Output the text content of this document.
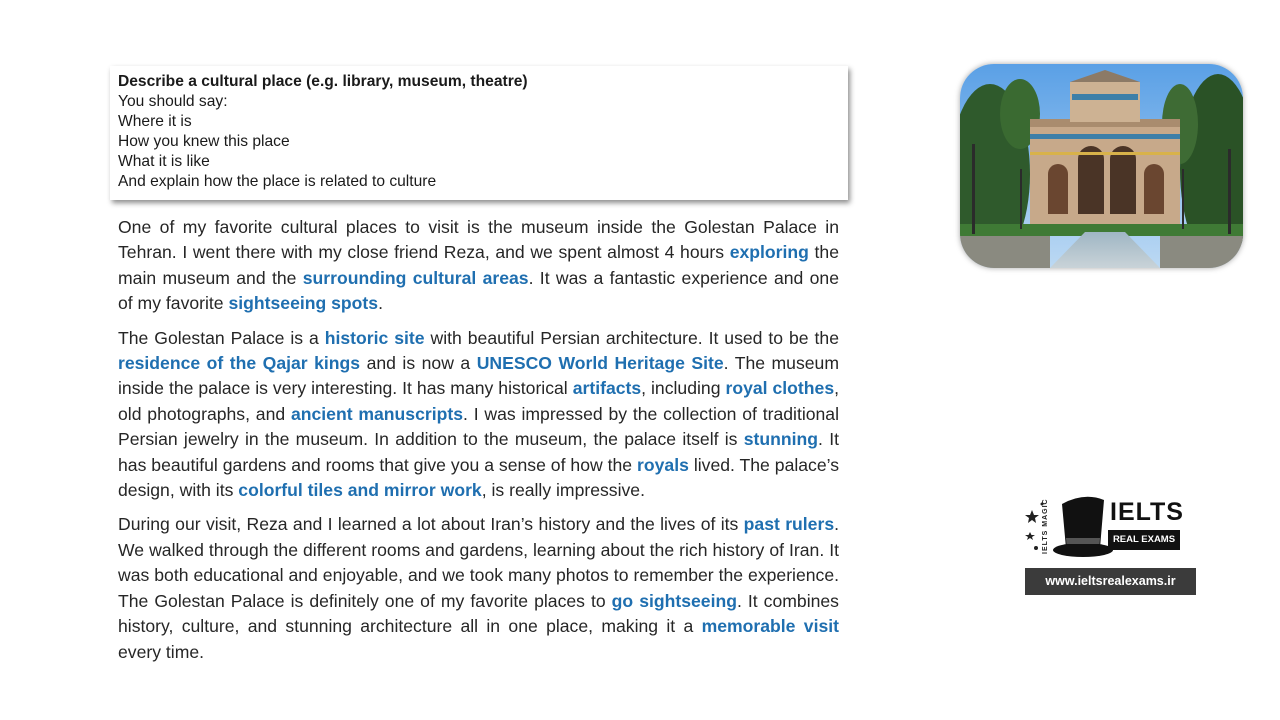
Describe a cultural place (e.g. library, museum, theatre)
You should say:
Where it is
How you knew this place
What it is like
And explain how the place is related to culture

One of my favorite cultural places to visit is the museum inside the Golestan Palace in Tehran. I went there with my close friend Reza, and we spent almost 4 hours exploring the main museum and the surrounding cultural areas. It was a fantastic experience and one of my favorite sightseeing spots.

The Golestan Palace is a historic site with beautiful Persian architecture. It used to be the residence of the Qajar kings and is now a UNESCO World Heritage Site. The museum inside the palace is very interesting. It has many historical artifacts, including royal clothes, old photographs, and ancient manuscripts. I was impressed by the collection of traditional Persian jewelry in the museum. In addition to the museum, the palace itself is stunning. It has beautiful gardens and rooms that give you a sense of how the royals lived. The palace’s design, with its colorful tiles and mirror work, is really impressive.

During our visit, Reza and I learned a lot about Iran’s history and the lives of its past rulers. We walked through the different rooms and gardens, learning about the rich history of Iran. It was both educational and enjoyable, and we took many photos to remember the experience. The Golestan Palace is definitely one of my favorite places to go sightseeing. It combines history, culture, and stunning architecture all in one place, making it a memorable visit every time.

IELTS MAGIC IELTS
REAL EXAMS
www.ieltsrealexams.ir
